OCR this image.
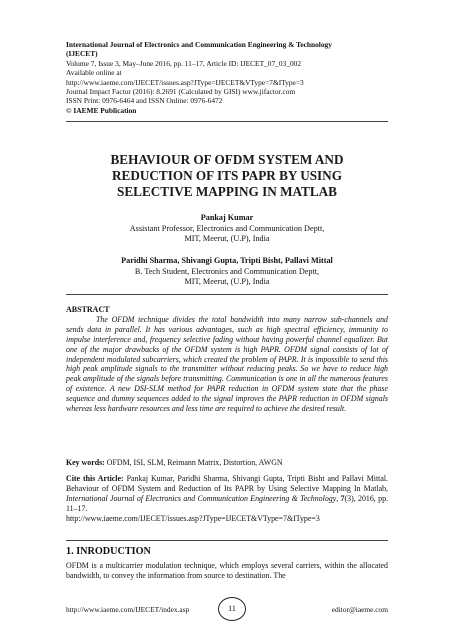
International Journal of Electronics and Communication Engineering & Technology
(IJECET)
Volume 7, Issue 3, May–June 2016, pp. 11–17, Article ID: IJECET_07_03_002
Available online at
http://www.iaeme.com/IJECET/issues.asp?JType=IJECET&VType=7&IType=3
Journal Impact Factor (2016): 8.2691 (Calculated by GISI) www.jifactor.com
ISSN Print: 0976-6464 and ISSN Online: 0976-6472
© IAEME Publication
BEHAVIOUR OF OFDM SYSTEM AND
REDUCTION OF ITS PAPR BY USING
SELECTIVE MAPPING IN MATLAB
Pankaj Kumar
Assistant Professor, Electronics and Communication Deptt,
MIT, Meerut, (U.P), India
Paridhi Sharma, Shivangi Gupta, Tripti Bisht, Pallavi Mittal
B. Tech Student, Electronics and Communication Deptt,
MIT, Meerut, (U.P), India
ABSTRACT

The OFDM technique divides the total bandwidth into many narrow sub-channels and sends data in parallel. It has various advantages, such as high spectral efficiency, immunity to impulse interference and, frequency selective fading without having powerful channel equalizer. But one of the major drawbacks of the OFDM system is high PAPR. OFDM signal consists of lot of independent modulated subcarriers, which created the problem of PAPR. It is impossible to send this high peak amplitude signals to the transmitter without reducing peaks. So we have to reduce high peak amplitude of the signals before transmitting. Communication is one in all the numerous features of existence. A new DSI-SLM method for PAPR reduction in OFDM system state that the phase sequence and dummy sequences added to the signal improves the PAPR reduction in OFDM signals whereas less hardware resources and less time are required to achieve the desired result.

Key words: OFDM, ISI, SLM, Reimann Matrix, Distortion, AWGN

Cite this Article: Pankaj Kumar, Paridhi Sharma, Shivangi Gupta, Tripti Bisht and Pallavi Mittal. Behaviour of OFDM System and Reduction of Its PAPR by Using Selective Mapping In Matlab, International Journal of Electronics and Communication Engineering & Technology, 7(3), 2016, pp. 11–17.

http://www.iaeme.com/IJECET/issues.asp?JType=IJECET&VType=7&IType=3
1. INRODUCTION
OFDM is a multicarrier modulation technique, which employs several carriers, within the allocated bandwidth, to convey the information from source to destination. The
http://www.iaeme.com/IJECET/index.asp	11	editor@iaeme.com
